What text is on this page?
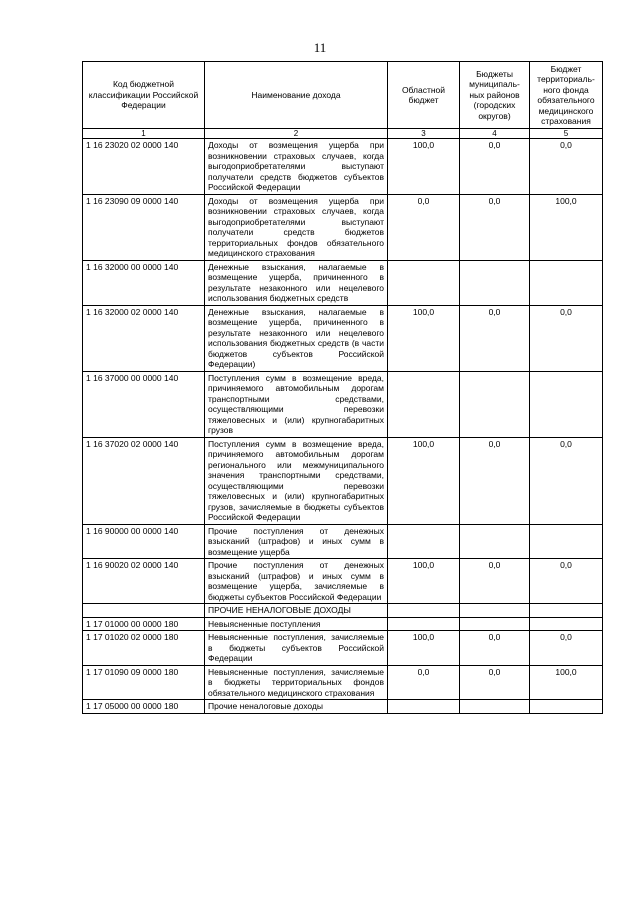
11
Код бюджетной классификации Российской Федерации	Наименование дохода	Областной бюджет	Бюджеты муниципаль-ных районов (городских округов)	Бюджет территориаль-ного фонда обязательного медицинского страхования
1	2	3	4	5
1 16 23020 02 0000 140	Доходы от возмещения ущерба при возникновении страховых случаев, когда выгодоприобретателями выступают получатели средств бюджетов субъектов Российской Федерации	100,0	0,0	0,0
1 16 23090 09 0000 140	Доходы от возмещения ущерба при возникновении страховых случаев, когда выгодоприобретателями выступают получатели средств бюджетов территориальных фондов обязательного медицинского страхования	0,0	0,0	100,0
1 16 32000 00 0000 140	Денежные взыскания, налагаемые в возмещение ущерба, причиненного в результате незаконного или нецелевого использования бюджетных средств			
1 16 32000 02 0000 140	Денежные взыскания, налагаемые в возмещение ущерба, причиненного в результате незаконного или нецелевого использования бюджетных средств (в части бюджетов субъектов Российской Федерации)	100,0	0,0	0,0
1 16 37000 00 0000 140	Поступления сумм в возмещение вреда, причиняемого автомобильным дорогам транспортными средствами, осуществляющими перевозки тяжеловесных и (или) крупногабаритных грузов			
1 16 37020 02 0000 140	Поступления сумм в возмещение вреда, причиняемого автомобильным дорогам регионального или межмуниципального значения транспортными средствами, осуществляющими перевозки тяжеловесных и (или) крупногабаритных грузов, зачисляемые в бюджеты субъектов Российской Федерации	100,0	0,0	0,0
1 16 90000 00 0000 140	Прочие поступления от денежных взысканий (штрафов) и иных сумм в возмещение ущерба			
1 16 90020 02 0000 140	Прочие поступления от денежных взысканий (штрафов) и иных сумм в возмещение ущерба, зачисляемые в бюджеты субъектов Российской Федерации	100,0	0,0	0,0
	ПРОЧИЕ НЕНАЛОГОВЫЕ ДОХОДЫ			
1 17 01000 00 0000 180	Невыясненные поступления			
1 17 01020 02 0000 180	Невыясненные поступления, зачисляемые в бюджеты субъектов Российской Федерации	100,0	0,0	0,0
1 17 01090 09 0000 180	Невыясненные поступления, зачисляемые в бюджеты территориальных фондов обязательного медицинского страхования	0,0	0,0	100,0
1 17 05000 00 0000 180	Прочие неналоговые доходы			
